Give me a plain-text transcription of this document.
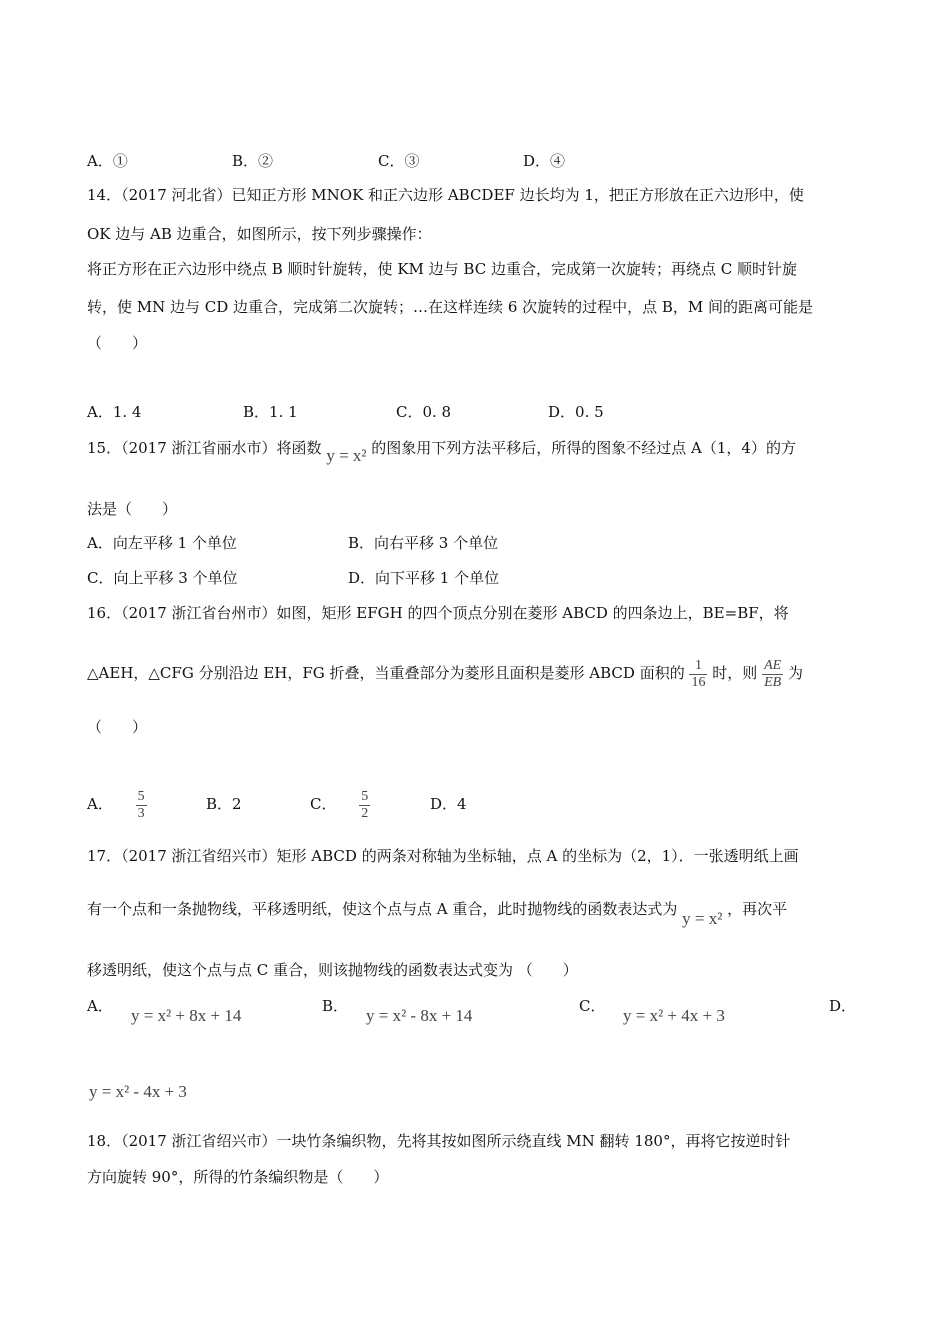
A．①	B．②	C．③	D．④
14．（2017 河北省）已知正方形 MNOK 和正六边形 ABCDEF 边长均为 1，把正方形放在正六边形中，使
OK 边与 AB 边重合，如图所示，按下列步骤操作：
将正方形在正六边形中绕点 B 顺时针旋转，使 KM 边与 BC 边重合，完成第一次旋转；再绕点 C 顺时针旋
转，使 MN 边与 CD 边重合，完成第二次旋转；…在这样连续 6 次旋转的过程中，点 B，M 间的距离可能是
（　　）
A．1. 4	B．1. 1	C．0. 8	D．0. 5
15．（2017 浙江省丽水市）将函数 y = x² 的图象用下列方法平移后，所得的图象不经过点 A（1，4）的方
法是（　　）
A．向左平移 1 个单位	B．向右平移 3 个单位
C．向上平移 3 个单位	D．向下平移 1 个单位
16．（2017 浙江省台州市）如图，矩形 EFGH 的四个顶点分别在菱形 ABCD 的四条边上，BE=BF，将
△AEH，△CFG 分别沿边 EH，FG 折叠，当重叠部分为菱形且面积是菱形 ABCD 面积的 $\frac{1}{16}$ 时，则 $\frac{AE}{EB}$ 为
（　　）
A． $\frac{5}{3}$	B．2	C． $\frac{5}{2}$	D．4
17．（2017 浙江省绍兴市）矩形 ABCD 的两条对称轴为坐标轴，点 A 的坐标为（2，1）．一张透明纸上画
有一个点和一条抛物线，平移透明纸，使这个点与点 A 重合，此时抛物线的函数表达式为 y = x² ，再次平
移透明纸，使这个点与点 C 重合，则该抛物线的函数表达式变为 （　　）
A． y = x² + 8x + 14	B． y = x² - 8x + 14	C． y = x² + 4x + 3	D．
y = x² - 4x + 3
18．（2017 浙江省绍兴市）一块竹条编织物，先将其按如图所示绕直线 MN 翻转 180°，再将它按逆时针
方向旋转 90°，所得的竹条编织物是（　　）
